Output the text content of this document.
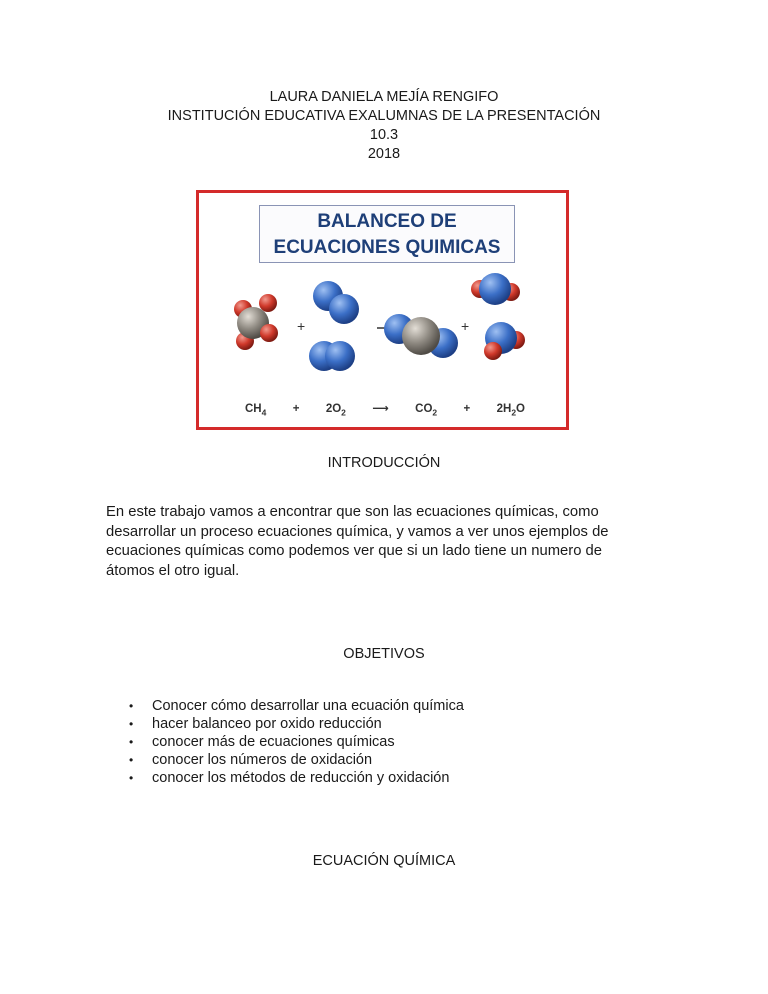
LAURA DANIELA MEJÍA RENGIFO
INSTITUCIÓN EDUCATIVA EXALUMNAS DE LA PRESENTACIÓN
10.3
2018
+	+
BALANCEO DE
ECUACIONES QUIMICAS
$CH_4 + 2O_2$ ⟶ $CO_2 + 2H_2O$
INTRODUCCIÓN
En este trabajo vamos a encontrar que son las ecuaciones químicas, como
desarrollar un proceso ecuaciones química, y vamos a ver unos ejemplos de
ecuaciones químicas como podemos ver que si un lado tiene un numero de
átomos el otro igual.
OBJETIVOS
• Conocer cómo desarrollar una ecuación química
• hacer balanceo por oxido reducción
• conocer más de ecuaciones químicas
• conocer los números de oxidación
• conocer los métodos de reducción y oxidación
ECUACIÓN QUÍMICA
